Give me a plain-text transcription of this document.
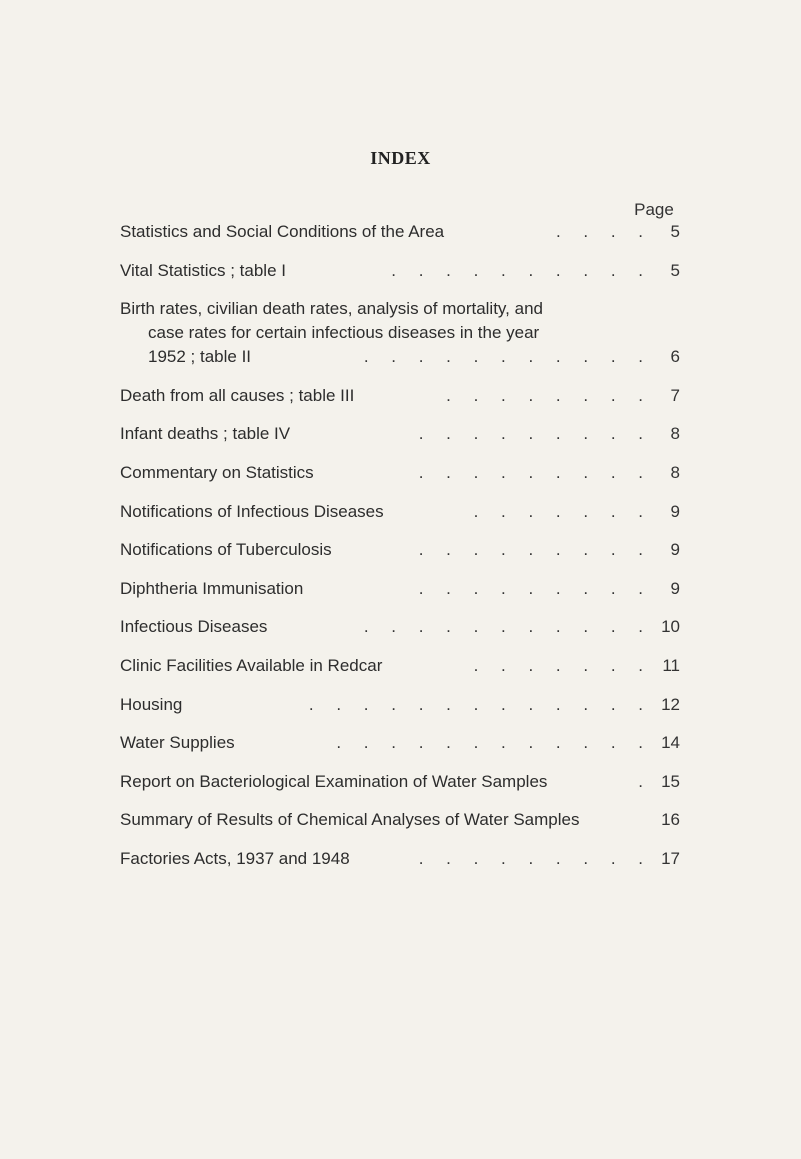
INDEX
Page
Statistics and Social Conditions of the Area	. . . .	5
Vital Statistics ; table I	. . . . . . . . . .	5
Birth rates, civilian death rates, analysis of mortality, and
case rates for certain infectious diseases in the year
1952 ; table II	. . . . . . . . . . .	6
Death from all causes ; table III	. . . . . . . .	7
Infant deaths ; table IV	. . . . . . . . .	8
Commentary on Statistics	. . . . . . . . .	8
Notifications of Infectious Diseases	. . . . . . .	9
Notifications of Tuberculosis	. . . . . . . . .	9
Diphtheria Immunisation	. . . . . . . . .	9
Infectious Diseases	. . . . . . . . . . . 10
Clinic Facilities Available in Redcar	. . . . . . . 11
Housing	. . . . . . . . . . . . . 12
Water Supplies	. . . . . . . . . . . . 14
Report on Bacteriological Examination of Water Samples	. 15
Summary of Results of Chemical Analyses of Water Samples	16
Factories Acts, 1937 and 1948	. . . . . . . . . 17
